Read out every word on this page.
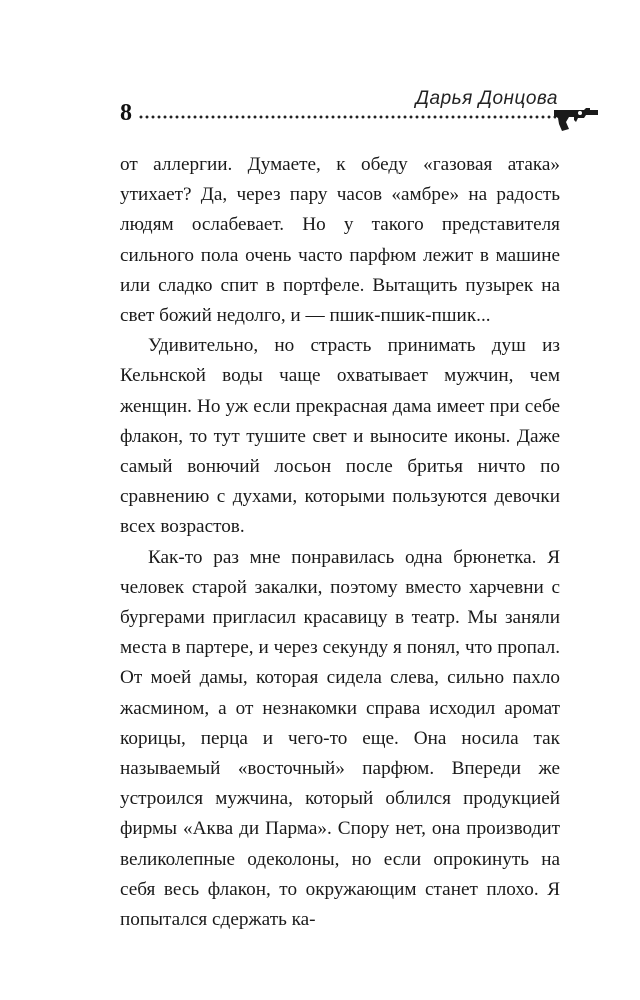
8
Дарья Донцова

от аллергии. Думаете, к обеду «газовая атака» утихает? Да, через пару часов «амбре» на радость людям ослабевает. Но у такого представителя сильного пола очень часто парфюм лежит в машине или сладко спит в портфеле. Вытащить пузырек на свет божий недолго, и — пшик-пшик-пшик...

Удивительно, но страсть принимать душ из Кельнской воды чаще охватывает мужчин, чем женщин. Но уж если прекрасная дама имеет при себе флакон, то тут тушите свет и выносите иконы. Даже самый вонючий лосьон после бритья ничто по сравнению с духами, которыми пользуются девочки всех возрастов.

Как-то раз мне понравилась одна брюнетка. Я человек старой закалки, поэтому вместо харчевни с бургерами пригласил красавицу в театр. Мы заняли места в партере, и через секунду я понял, что пропал. От моей дамы, которая сидела слева, сильно пахло жасмином, а от незнакомки справа исходил аромат корицы, перца и чего-то еще. Она носила так называемый «восточный» парфюм. Впереди же устроился мужчина, который облился продукцией фирмы «Аква ди Парма». Спору нет, она производит великолепные одеколоны, но если опрокинуть на себя весь флакон, то окружающим станет плохо. Я попытался сдержать ка-
